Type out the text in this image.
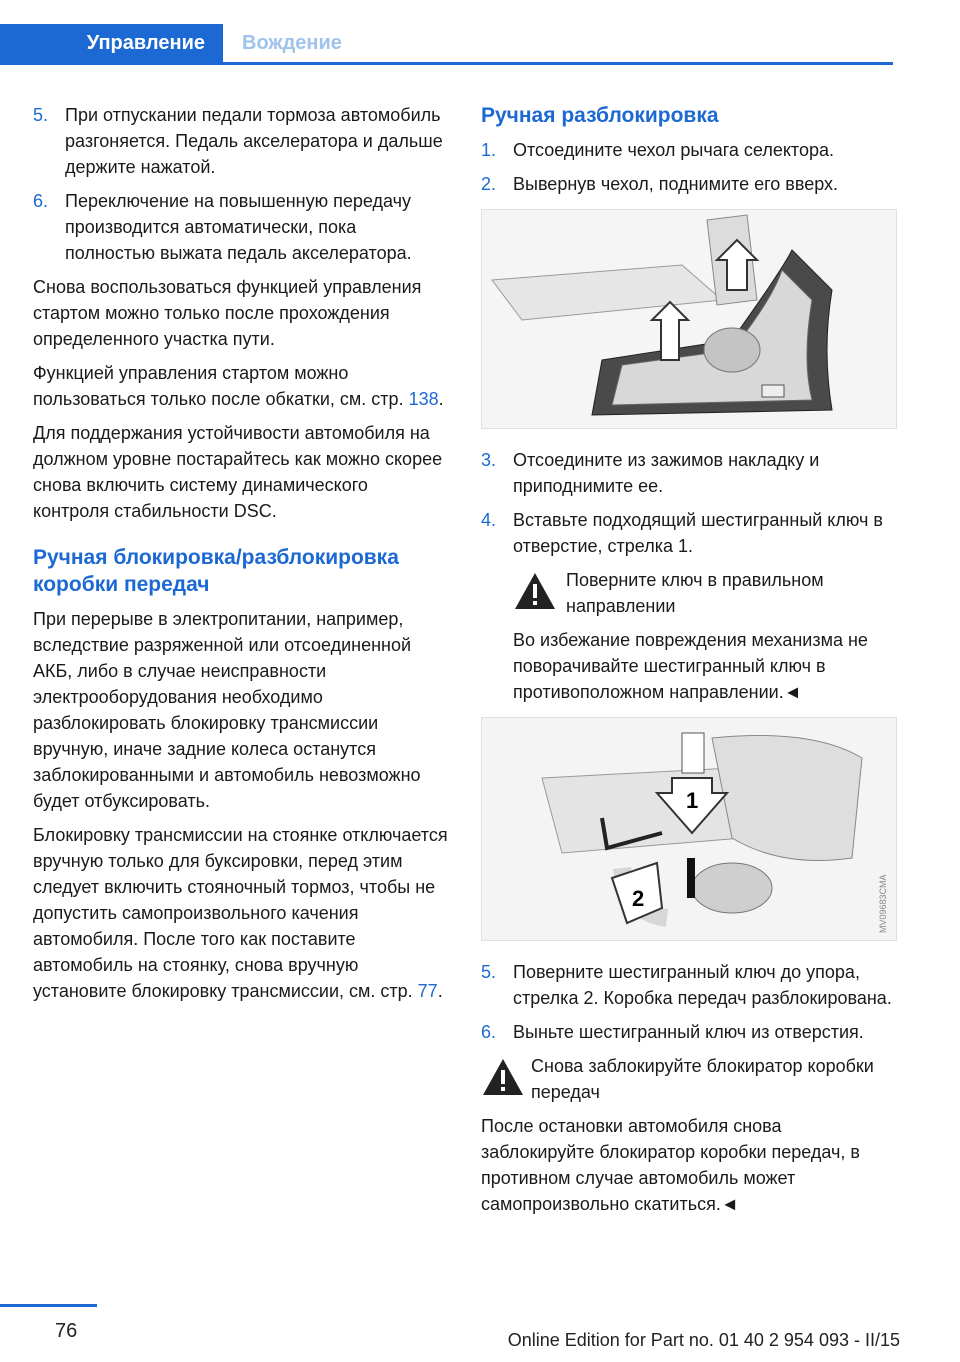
Управление Вождение
5. При отпускании педали тормоза автомобиль разгоняется. Педаль акселератора и дальше держите нажатой.
6. Переключение на повышенную передачу производится автоматически, пока полностью выжата педаль акселератора.

Снова воспользоваться функцией управления стартом можно только после прохождения определенного участка пути.

Функцией управления стартом можно пользоваться только после обкатки, см. стр. 138.

Для поддержания устойчивости автомобиля на должном уровне постарайтесь как можно скорее снова включить систему динамического контроля стабильности DSC.

Ручная блокировка/разблокировка коробки передач

При перерыве в электропитании, например, вследствие разряженной или отсоединенной АКБ, либо в случае неисправности электрооборудования необходимо разблокировать блокировку трансмиссии вручную, иначе задние колеса останутся заблокированными и автомобиль невозможно будет отбуксировать.

Блокировку трансмиссии на стоянке отключается вручную только для буксировки, перед этим следует включить стояночный тормоз, чтобы не допустить самопроизвольного качения автомобиля. После того как поставите автомобиль на стоянку, снова вручную установите блокировку трансмиссии, см. стр. 77.

Ручная разблокировка
1. Отсоедините чехол рычага селектора.
2. Вывернув чехол, поднимите его вверх.
3. Отсоедините из зажимов накладку и приподнимите ее.
4. Вставьте подходящий шестигранный ключ в отверстие, стрелка 1.
Поверните ключ в правильном направлении

Во избежание повреждения механизма не поворачивайте шестигранный ключ в противоположном направлении.◄

1
2	MV09683CMA
5. Поверните шестигранный ключ до упора, стрелка 2. Коробка передач разблокирована.
6. Выньте шестигранный ключ из отверстия.
Снова заблокируйте блокиратор коробки передач

После остановки автомобиля снова заблокируйте блокиратор коробки передач, в противном случае автомобиль может самопроизвольно скатиться.◄

76	Online Edition for Part no. 01 40 2 954 093 - II/15
